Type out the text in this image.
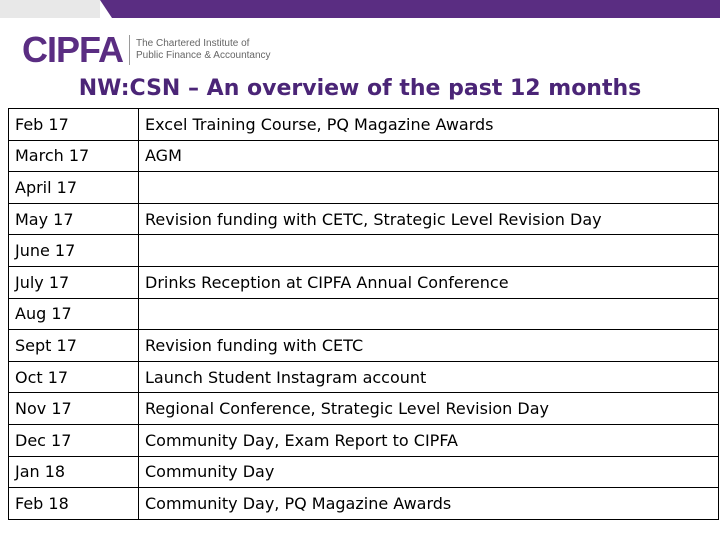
CIPFA The Chartered Institute of
Public Finance & Accountancy
NW:CSN – An overview of the past 12 months
Feb 17	Excel Training Course, PQ Magazine Awards
March 17	AGM
April 17	
May 17	Revision funding with CETC, Strategic Level Revision Day
June 17	
July 17	Drinks Reception at CIPFA Annual Conference
Aug 17	
Sept 17	Revision funding with CETC
Oct 17	Launch Student Instagram account
Nov 17	Regional Conference, Strategic Level Revision Day
Dec 17	Community Day, Exam Report to CIPFA
Jan 18	Community Day
Feb 18	Community Day, PQ Magazine Awards
